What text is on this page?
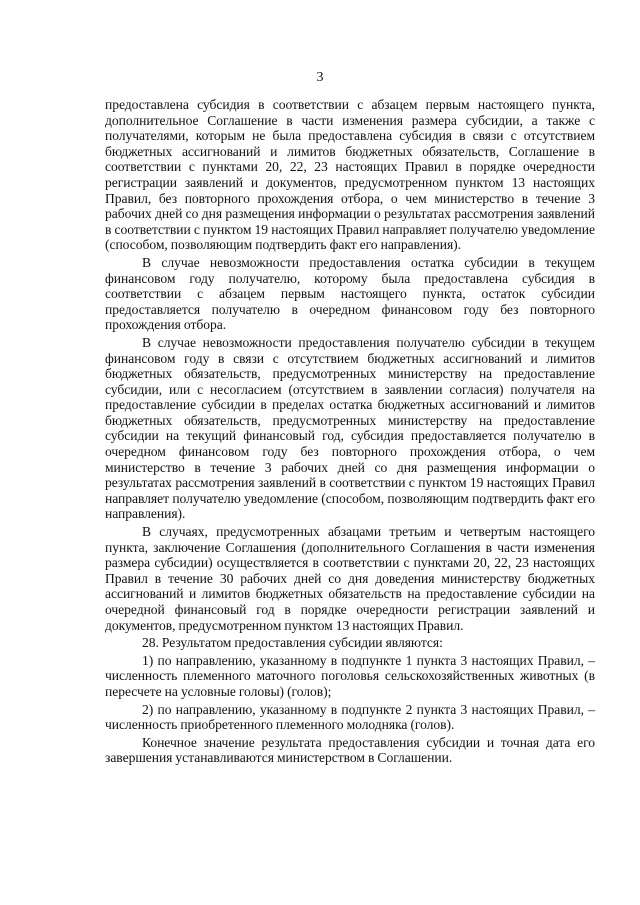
3

предоставлена субсидия в соответствии с абзацем первым настоящего пункта, дополнительное Соглашение в части изменения размера субсидии, а также с получателями, которым не была предоставлена субсидия в связи с отсутствием бюджетных ассигнований и лимитов бюджетных обязательств, Соглашение в соответствии с пунктами 20, 22, 23 настоящих Правил в порядке очередности регистрации заявлений и документов, предусмотренном пунктом 13 настоящих Правил, без повторного прохождения отбора, о чем министерство в течение 3 рабочих дней со дня размещения информации о результатах рассмотрения заявлений в соответствии с пунктом 19 настоящих Правил направляет получателю уведомление (способом, позволяющим подтвердить факт его направления).

В случае невозможности предоставления остатка субсидии в текущем финансовом году получателю, которому была предоставлена субсидия в соответствии с абзацем первым настоящего пункта, остаток субсидии предоставляется получателю в очередном финансовом году без повторного прохождения отбора.

В случае невозможности предоставления получателю субсидии в текущем финансовом году в связи с отсутствием бюджетных ассигнований и лимитов бюджетных обязательств, предусмотренных министерству на предоставление субсидии, или с несогласием (отсутствием в заявлении согласия) получателя на предоставление субсидии в пределах остатка бюджетных ассигнований и лимитов бюджетных обязательств, предусмотренных министерству на предоставление субсидии на текущий финансовый год, субсидия предоставляется получателю в очередном финансовом году без повторного прохождения отбора, о чем министерство в течение 3 рабочих дней со дня размещения информации о результатах рассмотрения заявлений в соответствии с пунктом 19 настоящих Правил направляет получателю уведомление (способом, позволяющим подтвердить факт его направления).

В случаях, предусмотренных абзацами третьим и четвертым настоящего пункта, заключение Соглашения (дополнительного Соглашения в части изменения размера субсидии) осуществляется в соответствии с пунктами 20, 22, 23 настоящих Правил в течение 30 рабочих дней со дня доведения министерству бюджетных ассигнований и лимитов бюджетных обязательств на предоставление субсидии на очередной финансовый год в порядке очередности регистрации заявлений и документов, предусмотренном пунктом 13 настоящих Правил.

28. Результатом предоставления субсидии являются:

1) по направлению, указанному в подпункте 1 пункта 3 настоящих Правил, – численность племенного маточного поголовья сельскохозяйственных животных (в пересчете на условные головы) (голов);

2) по направлению, указанному в подпункте 2 пункта 3 настоящих Правил, – численность приобретенного племенного молодняка (голов).

Конечное значение результата предоставления субсидии и точная дата его завершения устанавливаются министерством в Соглашении.
